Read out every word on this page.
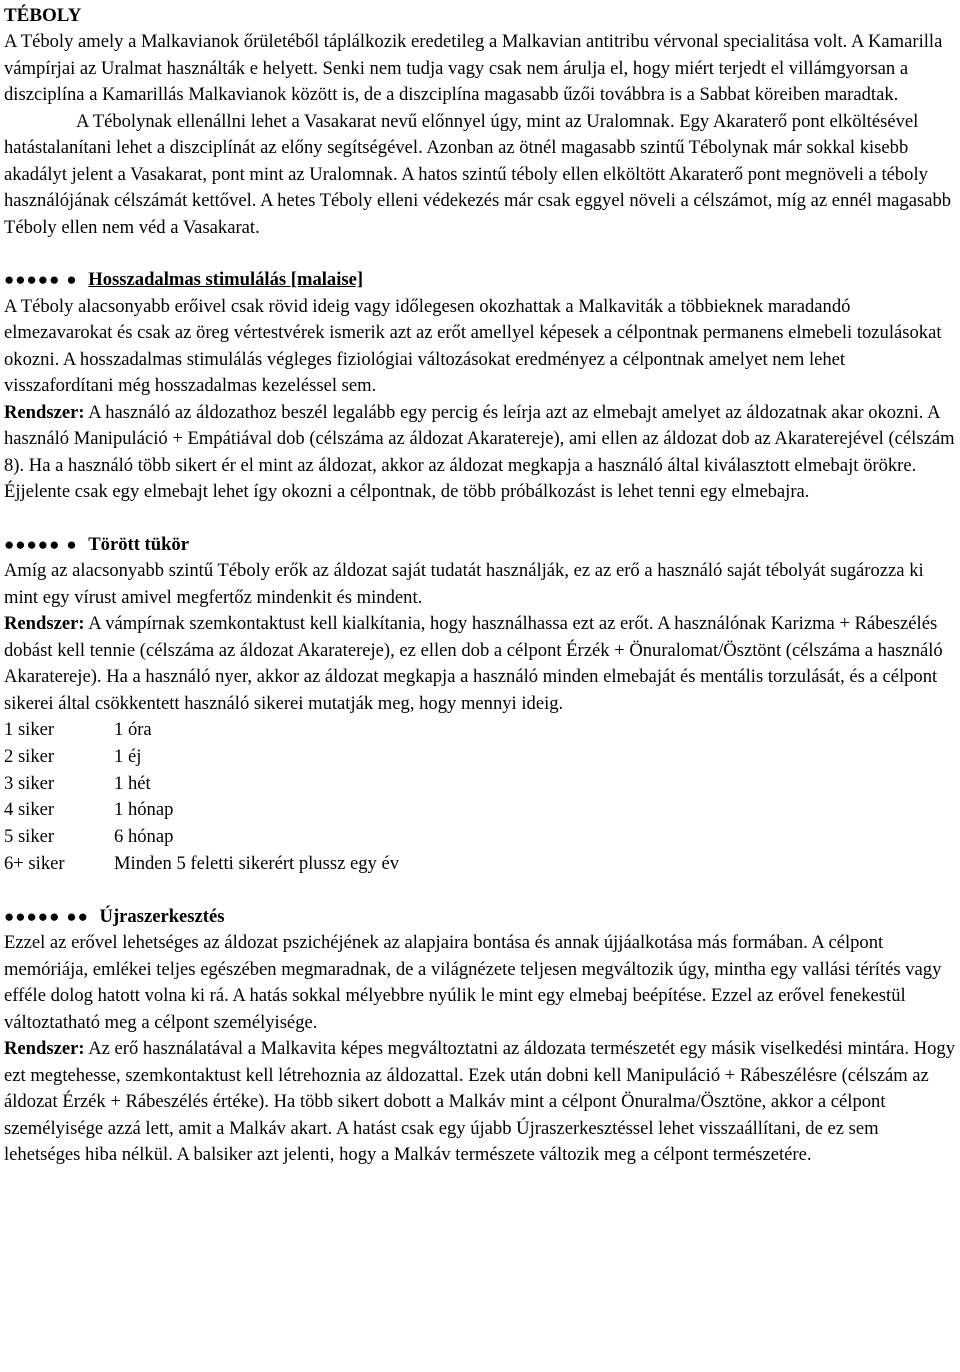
TÉBOLY

A Téboly amely a Malkavianok őrületéből táplálkozik eredetileg a Malkavian antitribu vérvonal specialitása volt. A Kamarilla vámpírjai az Uralmat használták e helyett. Senki nem tudja vagy csak nem árulja el, hogy miért terjedt el villámgyorsan a diszciplína a Kamarillás Malkavianok között is, de a diszciplína magasabb űzői továbbra is a Sabbat köreiben maradtak.

A Tébolynak ellenállni lehet a Vasakarat nevű előnnyel úgy, mint az Uralomnak. Egy Akaraterő pont elköltésével hatástalanítani lehet a diszciplínát az előny segítségével. Azonban az ötnél magasabb szintű Tébolynak már sokkal kisebb akadályt jelent a Vasakarat, pont mint az Uralomnak. A hatos szintű téboly ellen elköltött Akaraterő pont megnöveli a téboly használójának célszámát kettővel. A hetes Téboly elleni védekezés már csak eggyel növeli a célszámot, míg az ennél magasabb Téboly ellen nem véd a Vasakarat.

●●●●● ● Hosszadalmas stimulálás [malaise]

A Téboly alacsonyabb erőivel csak rövid ideig vagy időlegesen okozhattak a Malkaviták a többieknek maradandó elmezavarokat és csak az öreg vértestvérek ismerik azt az erőt amellyel képesek a célpontnak permanens elmebeli tozulásokat okozni. A hosszadalmas stimulálás végleges fiziológiai változásokat eredményez a célpontnak amelyet nem lehet visszafordítani még hosszadalmas kezeléssel sem.

Rendszer: A használó az áldozathoz beszél legalább egy percig és leírja azt az elmebajt amelyet az áldozatnak akar okozni. A használó Manipuláció + Empátiával dob (célszáma az áldozat Akaratereje), ami ellen az áldozat dob az Akaraterejével (célszám 8). Ha a használó több sikert ér el mint az áldozat, akkor az áldozat megkapja a használó által kiválasztott elmebajt örökre. Éjjelente csak egy elmebajt lehet így okozni a célpontnak, de több próbálkozást is lehet tenni egy elmebajra.

●●●●● ● Törött tükör

Amíg az alacsonyabb szintű Téboly erők az áldozat saját tudatát használják, ez az erő a használó saját tébolyát sugározza ki mint egy vírust amivel megfertőz mindenkit és mindent.

Rendszer: A vámpírnak szemkontaktust kell kialkítania, hogy használhassa ezt az erőt. A használónak Karizma + Rábeszélés dobást kell tennie (célszáma az áldozat Akaratereje), ez ellen dob a célpont Érzék + Önuralomat/Ösztönt (célszáma a használó Akaratereje). Ha a használó nyer, akkor az áldozat megkapja a használó minden elmebaját és mentális torzulását, és a célpont sikerei által csökkentett használó sikerei mutatják meg, hogy mennyi ideig.

1 siker	1 óra
2 siker	1 éj
3 siker	1 hét
4 siker	1 hónap
5 siker	6 hónap
6+ siker	Minden 5 feletti sikerért plussz egy év

●●●●● ●● Újraszerkesztés

Ezzel az erővel lehetséges az áldozat pszichéjének az alapjaira bontása és annak újjáalkotása más formában. A célpont memóriája, emlékei teljes egészében megmaradnak, de a világnézete teljesen megváltozik úgy, mintha egy vallási térítés vagy efféle dolog hatott volna ki rá. A hatás sokkal mélyebbre nyúlik le mint egy elmebaj beépítése. Ezzel az erővel fenekestül változtatható meg a célpont személyisége.

Rendszer: Az erő használatával a Malkavita képes megváltoztatni az áldozata természetét egy másik viselkedési mintára. Hogy ezt megtehesse, szemkontaktust kell létrehoznia az áldozattal. Ezek után dobni kell Manipuláció + Rábeszélésre (célszám az áldozat Érzék + Rábeszélés értéke). Ha több sikert dobott a Malkáv mint a célpont Önuralma/Ösztöne, akkor a célpont személyisége azzá lett, amit a Malkáv akart. A hatást csak egy újabb Újraszerkesztéssel lehet visszaállítani, de ez sem lehetséges hiba nélkül. A balsiker azt jelenti, hogy a Malkáv természete változik meg a célpont természetére.
